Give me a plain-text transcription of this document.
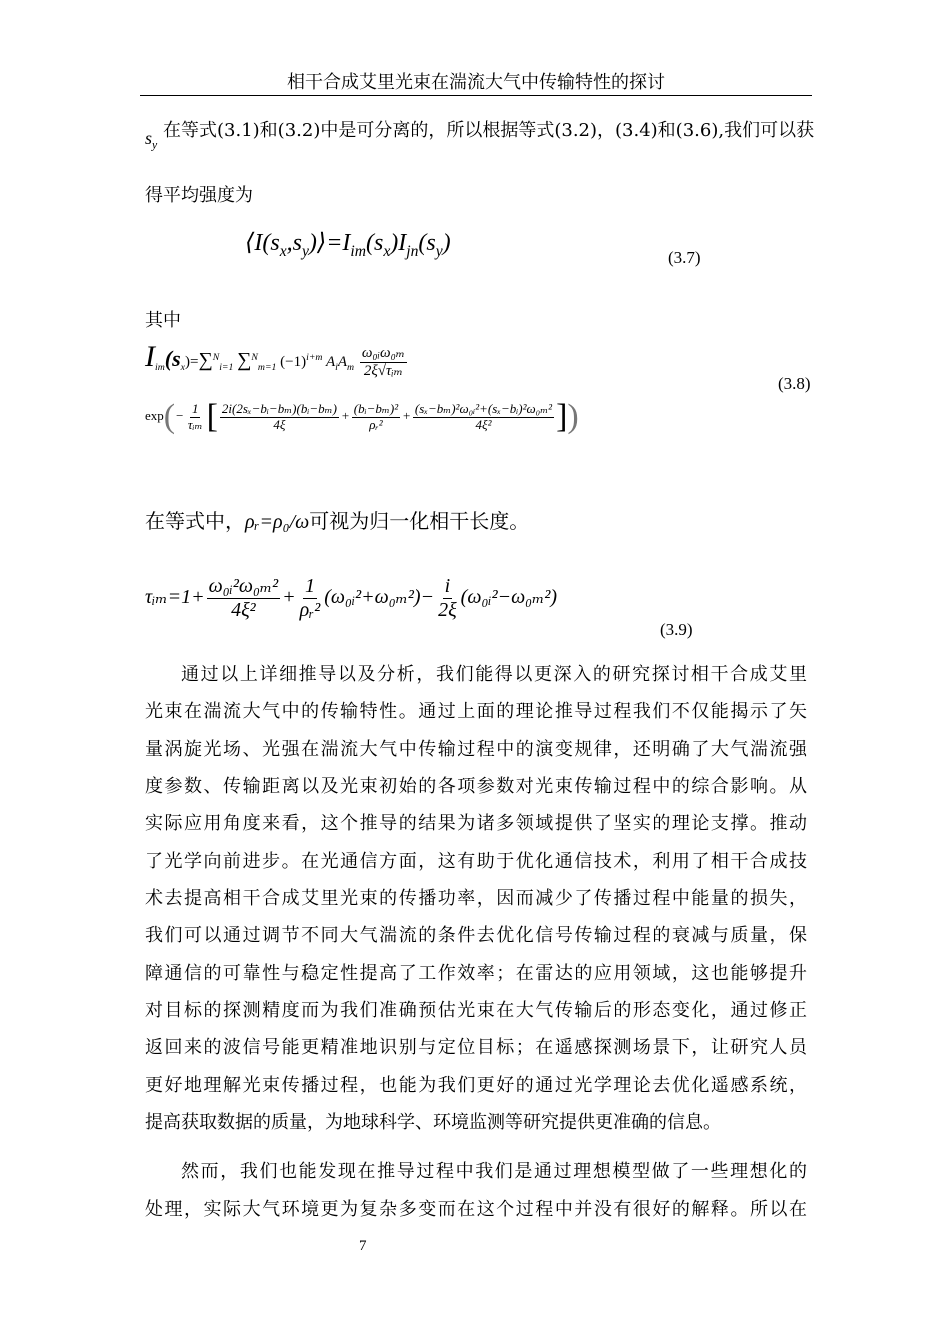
相干合成艾里光束在湍流大气中传输特性的探讨
$s_y$
在等式(3.1)和(3.2)中是可分离的，所以根据等式(3.2)，(3.4)和(3.6),我们可以获
得平均强度为
$⟨I(s_x,s_y)⟩=I_{im}(s_x)I_{jn}(s_y)$
(3.7)
其中
$I_{im}(s_x)=\sum^N_{i=1}$ ∑$^N_{m=1}$ $(-1)^{i+m}$ $A_iA_m \frac{\text{ω₀ᵢω₀ₘ}}{\text{2ξ√τᵢₘ}}$
$\exp(- \frac{1}{\text{τᵢₘ}}$ [ $\frac{\text{2i(2sₓ−bᵢ−bₘ)(bᵢ−bₘ)}}{4\xi} + \frac{\text{(bᵢ−bₘ)²}}{\text{ρᵣ²}} + \frac{\text{(sₓ−bₘ)²ω₀ᵢ²+(sₓ−bᵢ)²ω₀ₘ²}}{\text{4ξ²}}$ ])
(3.8)
在等式中，ρᵣ=ρ₀/ω可视为归一化相干长度。
τᵢₘ=1+ $\frac{\text{ω₀ᵢ²ω₀ₘ²}}{\text{4ξ²}} + \frac{1}{\text{ρᵣ²}}$ (ω₀ᵢ²+ω₀ₘ²)− $\frac{i}{2\xi}$ (ω₀ᵢ²−ω₀ₘ²)
(3.9)
通过以上详细推导以及分析，我们能得以更深入的研究探讨相干合成艾里
光束在湍流大气中的传输特性。通过上面的理论推导过程我们不仅能揭示了矢
量涡旋光场、光强在湍流大气中传输过程中的演变规律，还明确了大气湍流强
度参数、传输距离以及光束初始的各项参数对光束传输过程中的综合影响。从
实际应用角度来看，这个推导的结果为诸多领域提供了坚实的理论支撑。推动
了光学向前进步。在光通信方面，这有助于优化通信技术，利用了相干合成技
术去提高相干合成艾里光束的传播功率，因而减少了传播过程中能量的损失，
我们可以通过调节不同大气湍流的条件去优化信号传输过程的衰减与质量，保
障通信的可靠性与稳定性提高了工作效率；在雷达的应用领域，这也能够提升
对目标的探测精度而为我们准确预估光束在大气传输后的形态变化，通过修正
返回来的波信号能更精准地识别与定位目标；在遥感探测场景下，让研究人员
更好地理解光束传播过程，也能为我们更好的通过光学理论去优化遥感系统，
提高获取数据的质量，为地球科学、环境监测等研究提供更准确的信息。
然而，我们也能发现在推导过程中我们是通过理想模型做了一些理想化的
处理，实际大气环境更为复杂多变而在这个过程中并没有很好的解释。所以在
7
